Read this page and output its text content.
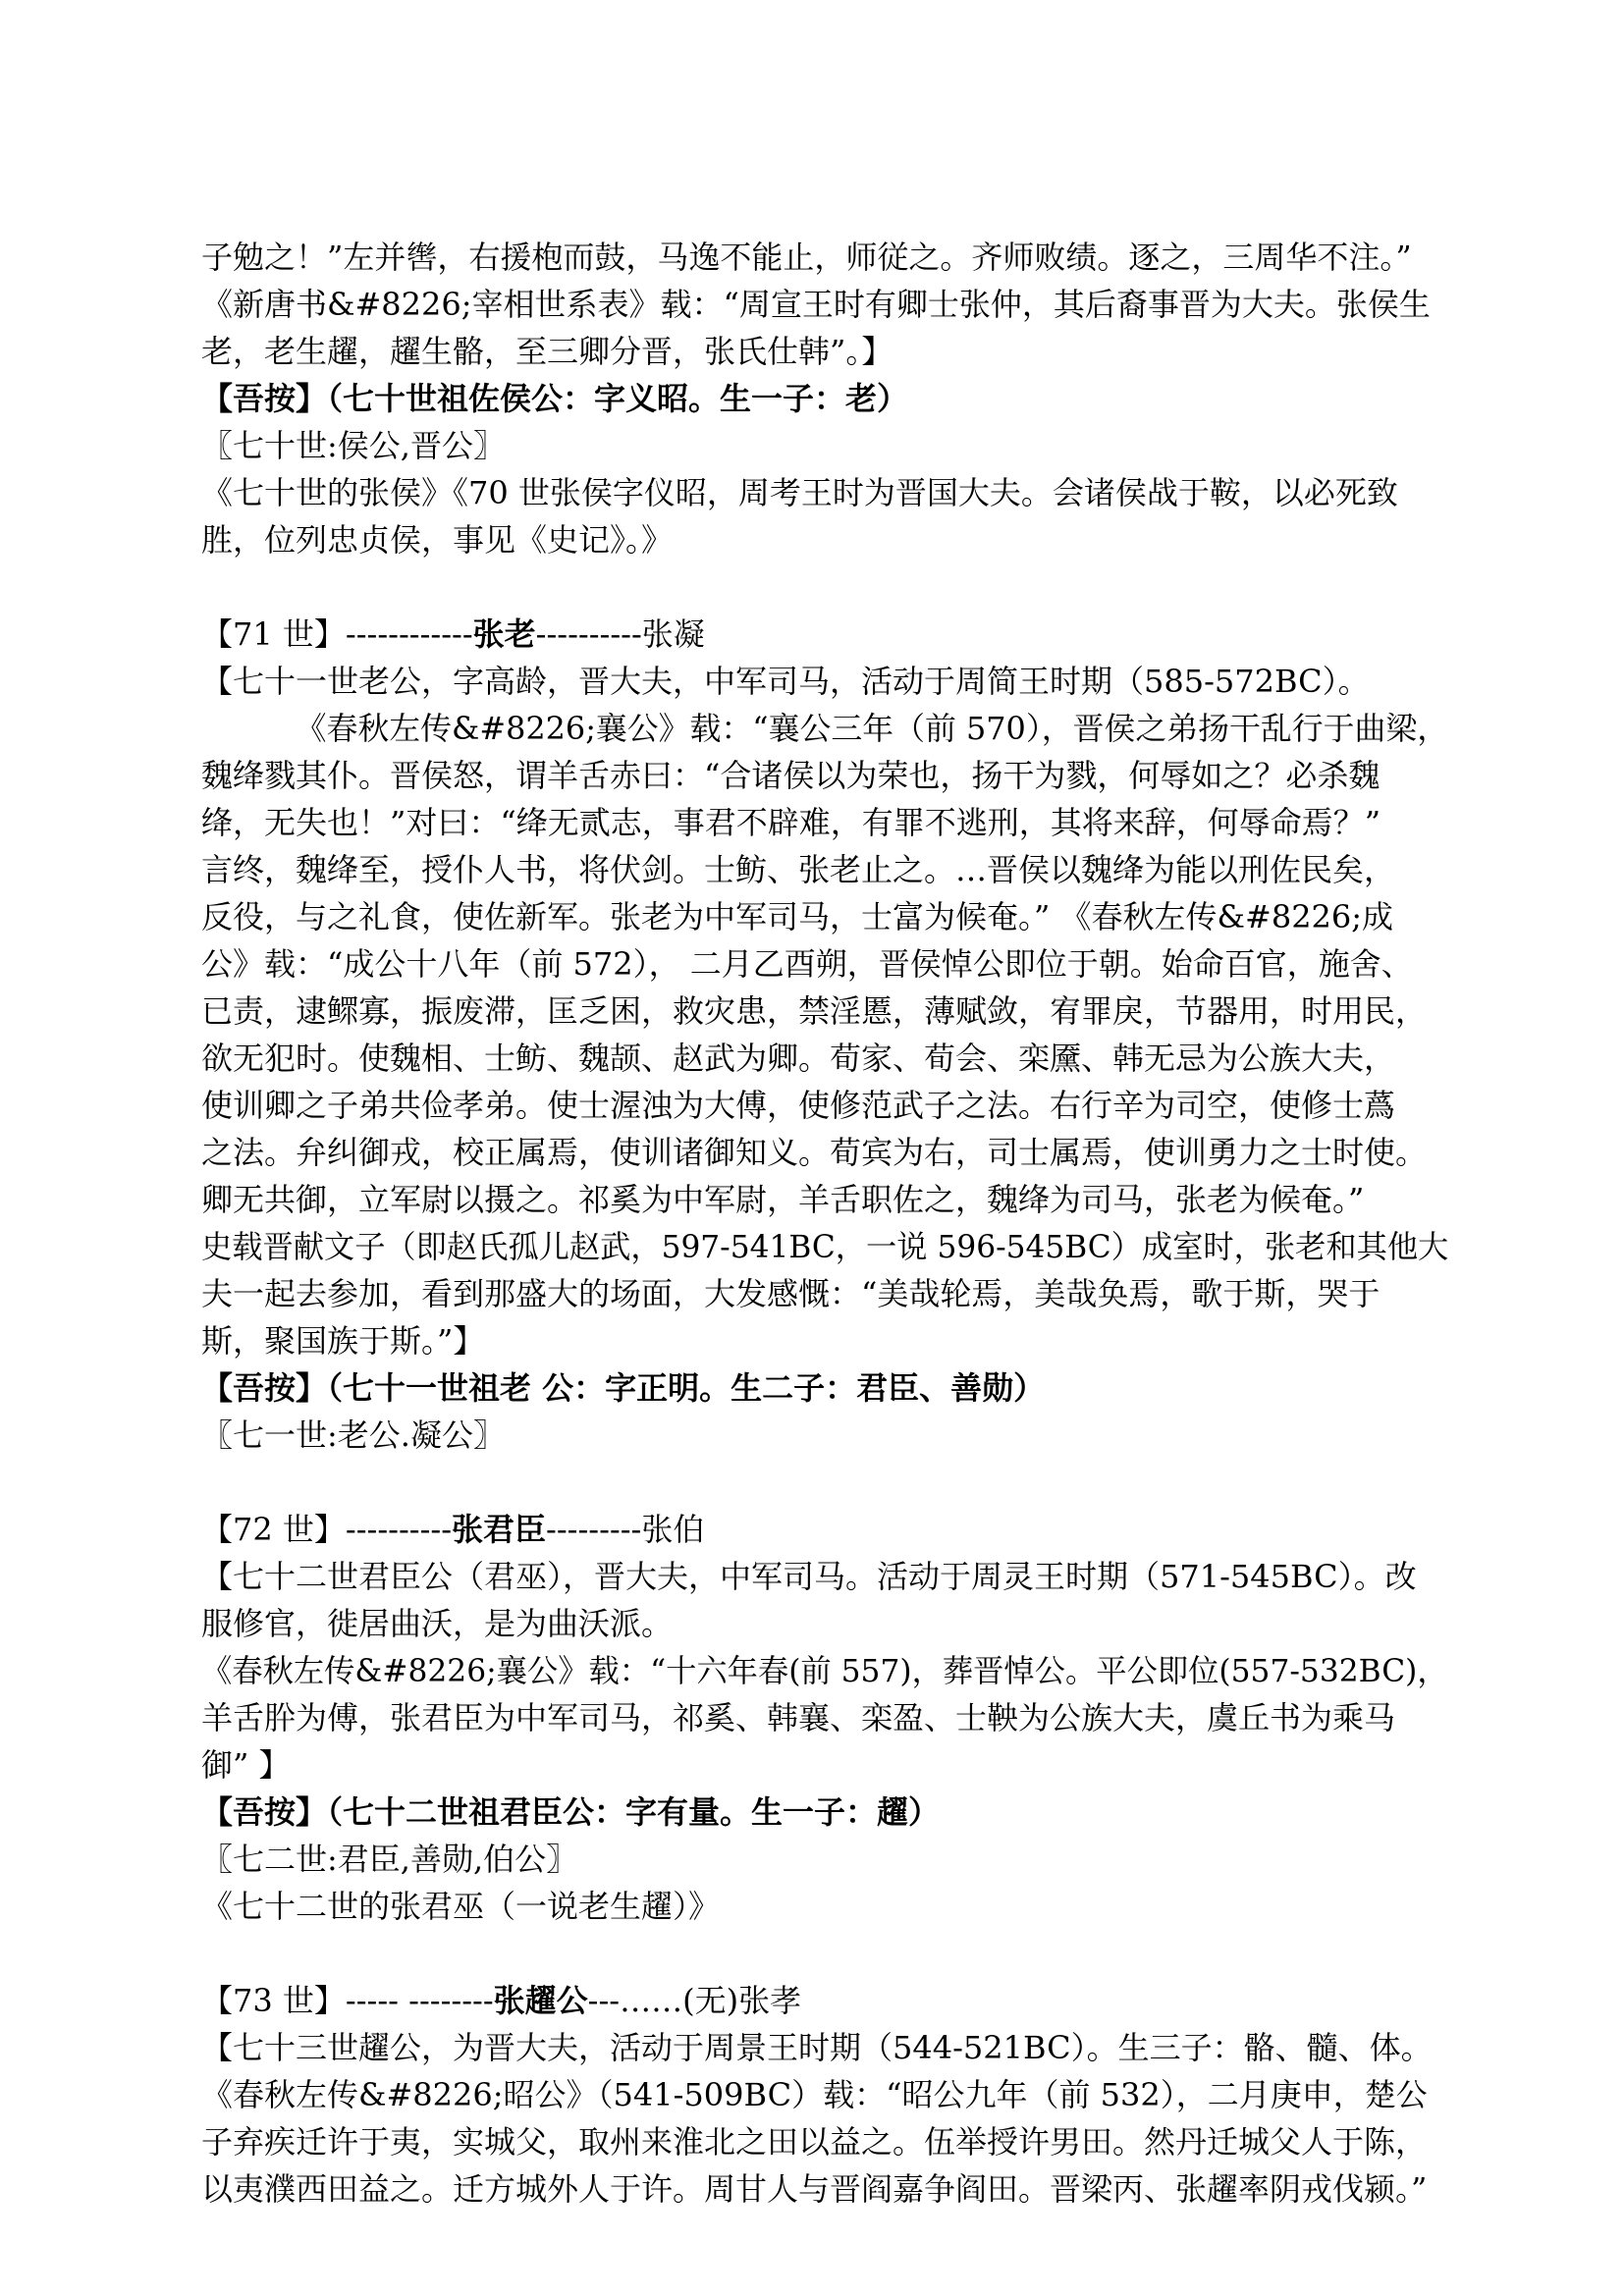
子勉之！”左并辔，右援枹而鼓，马逸不能止，师従之。齐师败绩。逐之，三周华不注。”
《新唐书&#8226;宰相世系表》载：“周宣王时有卿士张仲，其后裔事晋为大夫。张侯生
老，老生趯，趯生骼，至三卿分晋，张氏仕韩”。】
【吾按】（七十世祖佐侯公：字义昭。生一子：老）
〖七十世:侯公,晋公〗
《七十世的张侯》《70 世张侯字仪昭，周考王时为晋国大夫。会诸侯战于鞍，以必死致
胜，位列忠贞侯，事见《史记》。》
【71 世】------------张老----------张凝
【七十一世老公，字高龄，晋大夫，中军司马，活动于周简王时期（585-572BC）。
《春秋左传&#8226;襄公》载：“襄公三年（前 570），晋侯之弟扬干乱行于曲梁，
魏绛戮其仆。晋侯怒，谓羊舌赤曰：“合诸侯以为荣也，扬干为戮，何辱如之？必杀魏
绛，无失也！”对曰：“绛无贰志，事君不辟难，有罪不逃刑，其将来辞，何辱命焉？”
言终，魏绛至，授仆人书，将伏剑。士鲂、张老止之。…晋侯以魏绛为能以刑佐民矣，
反役，与之礼食，使佐新军。张老为中军司马，士富为候奄。” 《春秋左传&#8226;成
公》载：“成公十八年（前 572）， 二月乙酉朔，晋侯悼公即位于朝。始命百官，施舍、
已责，逮鳏寡，振废滞，匡乏困，救灾患，禁淫慝，薄赋敛，宥罪戾，节器用，时用民，
欲无犯时。使魏相、士鲂、魏颉、赵武为卿。荀家、荀会、栾黡、韩无忌为公族大夫，
使训卿之子弟共俭孝弟。使士渥浊为大傅，使修范武子之法。右行辛为司空，使修士蔿
之法。弁纠御戎，校正属焉，使训诸御知义。荀宾为右，司士属焉，使训勇力之士时使。
卿无共御，立军尉以摄之。祁奚为中军尉，羊舌职佐之，魏绛为司马，张老为候奄。”
史载晋献文子（即赵氏孤儿赵武，597-541BC，一说 596-545BC）成室时，张老和其他大
夫一起去参加，看到那盛大的场面，大发感慨：“美哉轮焉，美哉奂焉，歌于斯，哭于
斯，聚国族于斯。”】
【吾按】（七十一世祖老 公：字正明。生二子：君臣、善勋）
〖七一世:老公.凝公〗
【72 世】----------张君臣---------张伯
【七十二世君臣公（君巫），晋大夫，中军司马。活动于周灵王时期（571-545BC）。改
服修官，徙居曲沃，是为曲沃派。
《春秋左传&#8226;襄公》载：“十六年春(前 557)，葬晋悼公。平公即位(557-532BC)，
羊舌肸为傅，张君臣为中军司马，祁奚、韩襄、栾盈、士鞅为公族大夫，虞丘书为乘马
御” 】
【吾按】（七十二世祖君臣公：字有量。生一子：趯）
〖七二世:君臣,善勋,伯公〗
《七十二世的张君巫（一说老生趯）》
【73 世】----- --------张趯公---……(无)张孝
【七十三世趯公，为晋大夫，活动于周景王时期（544-521BC）。生三子：骼、髓、体。
《春秋左传&#8226;昭公》（541-509BC）载：“昭公九年（前 532），二月庚申，楚公
子弃疾迁许于夷，实城父，取州来淮北之田以益之。伍举授许男田。然丹迁城父人于陈，
以夷濮西田益之。迁方城外人于许。周甘人与晋阎嘉争阎田。晋梁丙、张趯率阴戎伐颍。”
